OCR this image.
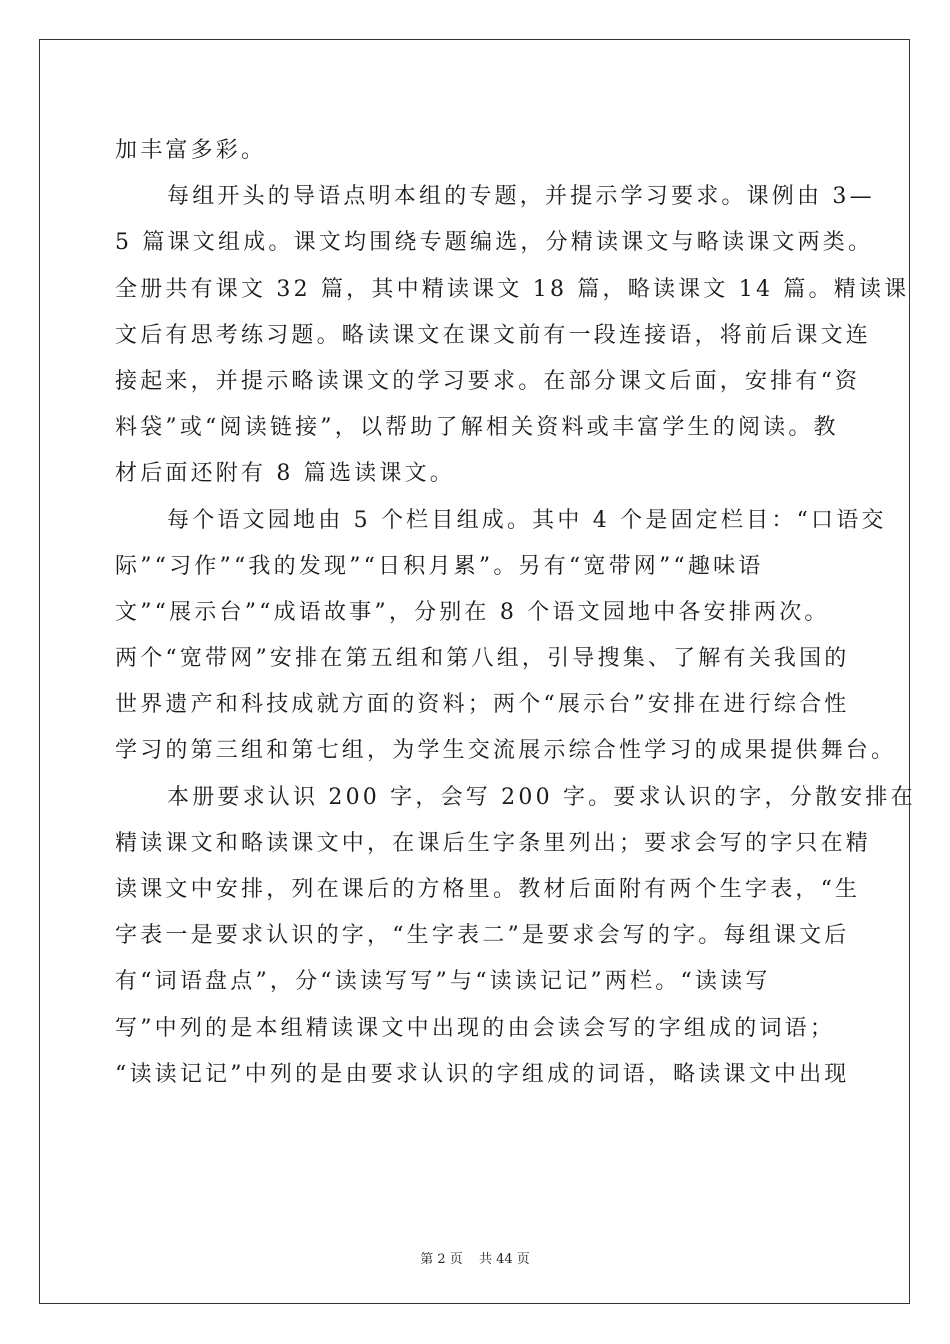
加丰富多彩。
每组开头的导语点明本组的专题，并提示学习要求。课例由 3—
5 篇课文组成。课文均围绕专题编选，分精读课文与略读课文两类。
全册共有课文 32 篇，其中精读课文 18 篇，略读课文 14 篇。精读课
文后有思考练习题。略读课文在课文前有一段连接语，将前后课文连
接起来，并提示略读课文的学习要求。在部分课文后面，安排有“资
料袋”或“阅读链接”，以帮助了解相关资料或丰富学生的阅读。教
材后面还附有 8 篇选读课文。
每个语文园地由 5 个栏目组成。其中 4 个是固定栏目：“口语交
际”“习作”“我的发现”“日积月累”。另有“宽带网”“趣味语
文”“展示台”“成语故事”，分别在 8 个语文园地中各安排两次。
两个“宽带网”安排在第五组和第八组，引导搜集、了解有关我国的
世界遗产和科技成就方面的资料；两个“展示台”安排在进行综合性
学习的第三组和第七组，为学生交流展示综合性学习的成果提供舞台。
本册要求认识 200 字，会写 200 字。要求认识的字，分散安排在
精读课文和略读课文中，在课后生字条里列出；要求会写的字只在精
读课文中安排，列在课后的方格里。教材后面附有两个生字表，“生
字表一是要求认识的字，“生字表二”是要求会写的字。每组课文后
有“词语盘点”，分“读读写写”与“读读记记”两栏。“读读写
写”中列的是本组精读课文中出现的由会读会写的字组成的词语；
“读读记记”中列的是由要求认识的字组成的词语，略读课文中出现
第 2 页 共 44 页
